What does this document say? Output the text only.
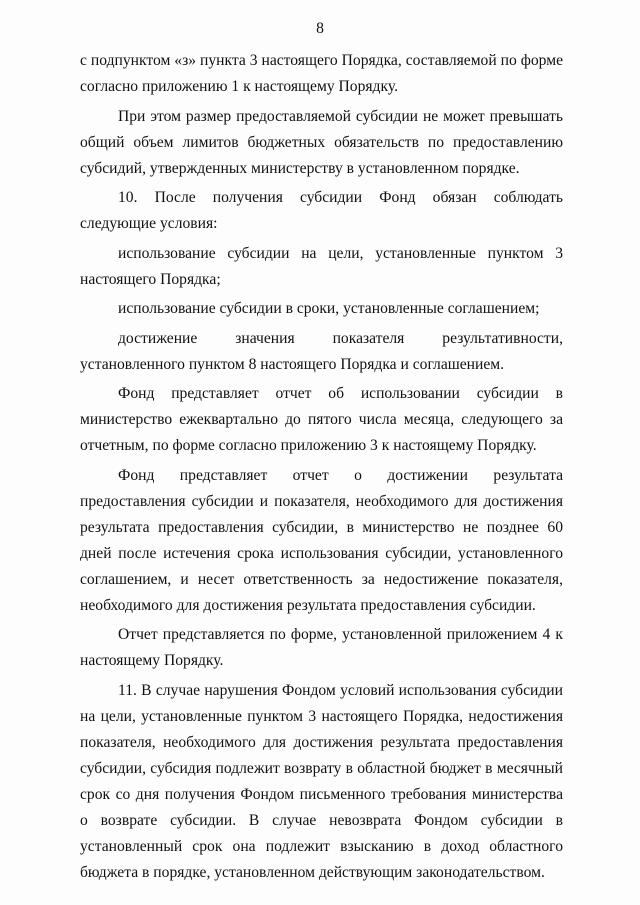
8

с подпунктом «з» пункта 3 настоящего Порядка, составляемой по форме согласно приложению 1 к настоящему Порядку.

При этом размер предоставляемой субсидии не может превышать общий объем лимитов бюджетных обязательств по предоставлению субсидий, утвержденных министерству в установленном порядке.

10. После получения субсидии Фонд обязан соблюдать следующие условия:

использование субсидии на цели, установленные пунктом 3 настоящего Порядка;

использование субсидии в сроки, установленные соглашением;

достижение значения показателя результативности, установленного пунктом 8 настоящего Порядка и соглашением.

Фонд представляет отчет об использовании субсидии в министерство ежеквартально до пятого числа месяца, следующего за отчетным, по форме согласно приложению 3 к настоящему Порядку.

Фонд представляет отчет о достижении результата предоставления субсидии и показателя, необходимого для достижения результата предоставления субсидии, в министерство не позднее 60 дней после истечения срока использования субсидии, установленного соглашением, и несет ответственность за недостижение показателя, необходимого для достижения результата предоставления субсидии.

Отчет представляется по форме, установленной приложением 4 к настоящему Порядку.

11. В случае нарушения Фондом условий использования субсидии на цели, установленные пунктом 3 настоящего Порядка, недостижения показателя, необходимого для достижения результата предоставления субсидии, субсидия подлежит возврату в областной бюджет в месячный срок со дня получения Фондом письменного требования министерства о возврате субсидии. В случае невозврата Фондом субсидии в установленный срок она подлежит взысканию в доход областного бюджета в порядке, установленном действующим законодательством.
